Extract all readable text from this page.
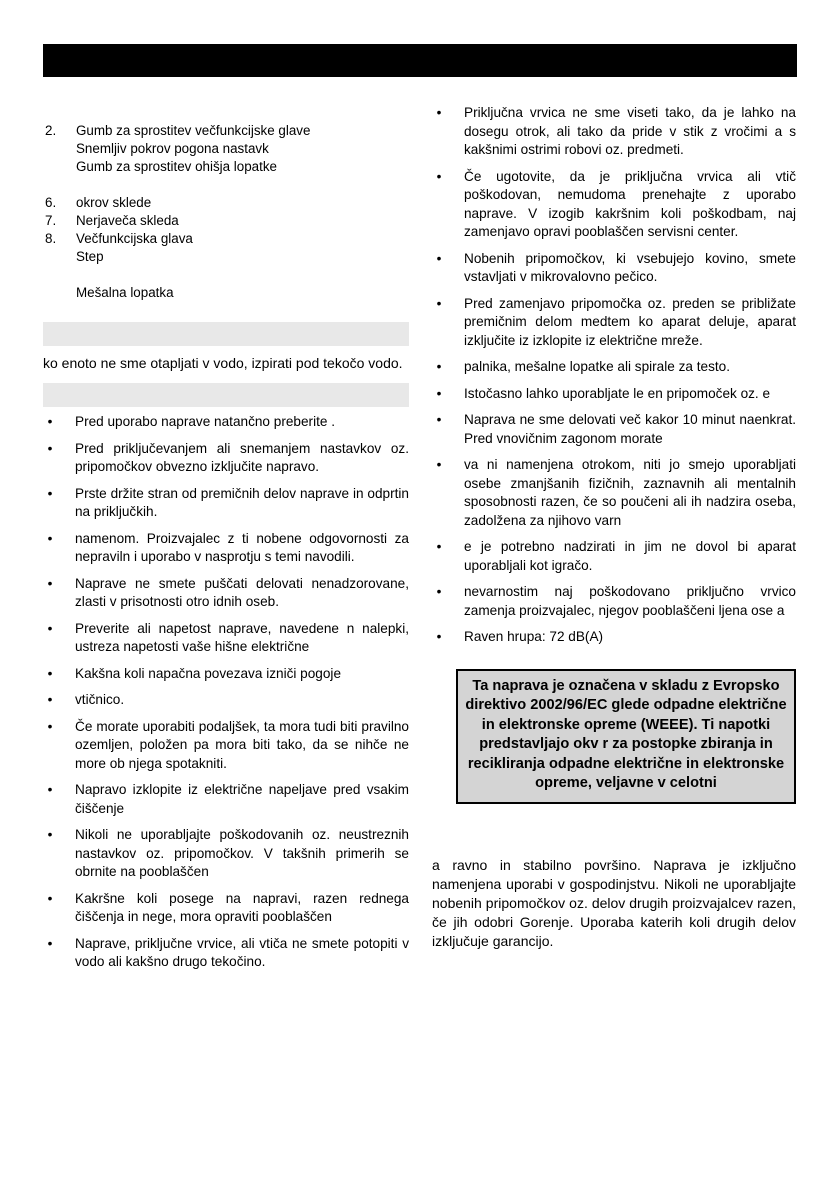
2.	Gumb za sprostitev večfunkcijske glave
Snemljiv pokrov pogona nastavk
Gumb za sprostitev ohišja lopatke
6.	okrov sklede
7.	Nerjaveča skleda
8.	Večfunkcijska glava
Step
Mešalna lopatka

ko enoto ne sme otapljati v vodo, izpirati pod tekočo vodo.

•	Pred uporabo naprave natančno preberite .
•	Pred priključevanjem ali snemanjem nastavkov oz. pripomočkov obvezno izključite napravo.
•	Prste držite stran od premičnih delov naprave in odprtin na priključkih.
•	namenom. Proizvajalec z ti nobene odgovornosti za nepraviln i uporabo v nasprotju s temi navodili.
•	Naprave ne smete puščati delovati nenadzorovane, zlasti v prisotnosti otro idnih oseb.
•	Preverite ali napetost naprave, navedene n nalepki, ustreza napetosti vaše hišne električne
•	Kakšna koli napačna povezava izniči pogoje
•	vtičnico.
•	Če morate uporabiti podaljšek, ta mora tudi biti pravilno ozemljen, položen pa mora biti tako, da se nihče ne more ob njega spotakniti.
•	Napravo izklopite iz električne napeljave pred vsakim čiščenje
•	Nikoli ne uporabljajte poškodovanih oz. neustreznih nastavkov oz. pripomočkov. V takšnih primerih se obrnite na pooblaščen
•	Kakršne koli posege na napravi, razen rednega čiščenja in nege, mora opraviti pooblaščen
•	Naprave, priključne vrvice, ali vtiča ne smete potopiti v vodo ali kakšno drugo tekočino.
•	Priključna vrvica ne sme viseti tako, da je lahko na dosegu otrok, ali tako da pride v stik z vročimi a s kakšnimi ostrimi robovi oz. predmeti.
•	Če ugotovite, da je priključna vrvica ali vtič poškodovan, nemudoma prenehajte z uporabo naprave. V izogib kakršnim koli poškodbam, naj zamenjavo opravi pooblaščen servisni center.
•	Nobenih pripomočkov, ki vsebujejo kovino, smete vstavljati v mikrovalovno pečico.
•	Pred zamenjavo pripomočka oz. preden se približate premičnim delom medtem ko aparat deluje, aparat izključite iz izklopite iz električne mreže.
•	palnika, mešalne lopatke ali spirale za testo.
•	Istočasno lahko uporabljate le en pripomoček oz. e
•	Naprava ne sme delovati več kakor 10 minut naenkrat. Pred vnovičnim zagonom morate
•	va ni namenjena otrokom, niti jo smejo uporabljati osebe zmanjšanih fizičnih, zaznavnih ali mentalnih sposobnosti razen, če so poučeni ali ih nadzira oseba, zadolžena za njihovo varn
•	e je potrebno nadzirati in jim ne dovol bi aparat uporabljali kot igračo.
•	nevarnostim naj poškodovano priključno vrvico zamenja proizvajalec, njegov pooblaščeni ljena ose a
•	Raven hrupa: 72 dB(A)
Ta naprava je označena v skladu z Evropsko direktivo 2002/96/EC glede odpadne električne in elektronske opreme (WEEE). Ti napotki predstavljajo okv r za postopke zbiranja in recikliranja odpadne električne in elektronske opreme, veljavne v celotni

a ravno in stabilno površino. Naprava je izključno namenjena uporabi v gospodinjstvu. Nikoli ne uporabljajte nobenih pripomočkov oz. delov drugih proizvajalcev razen, če jih odobri Gorenje. Uporaba katerih koli drugih delov izključuje garancijo.
